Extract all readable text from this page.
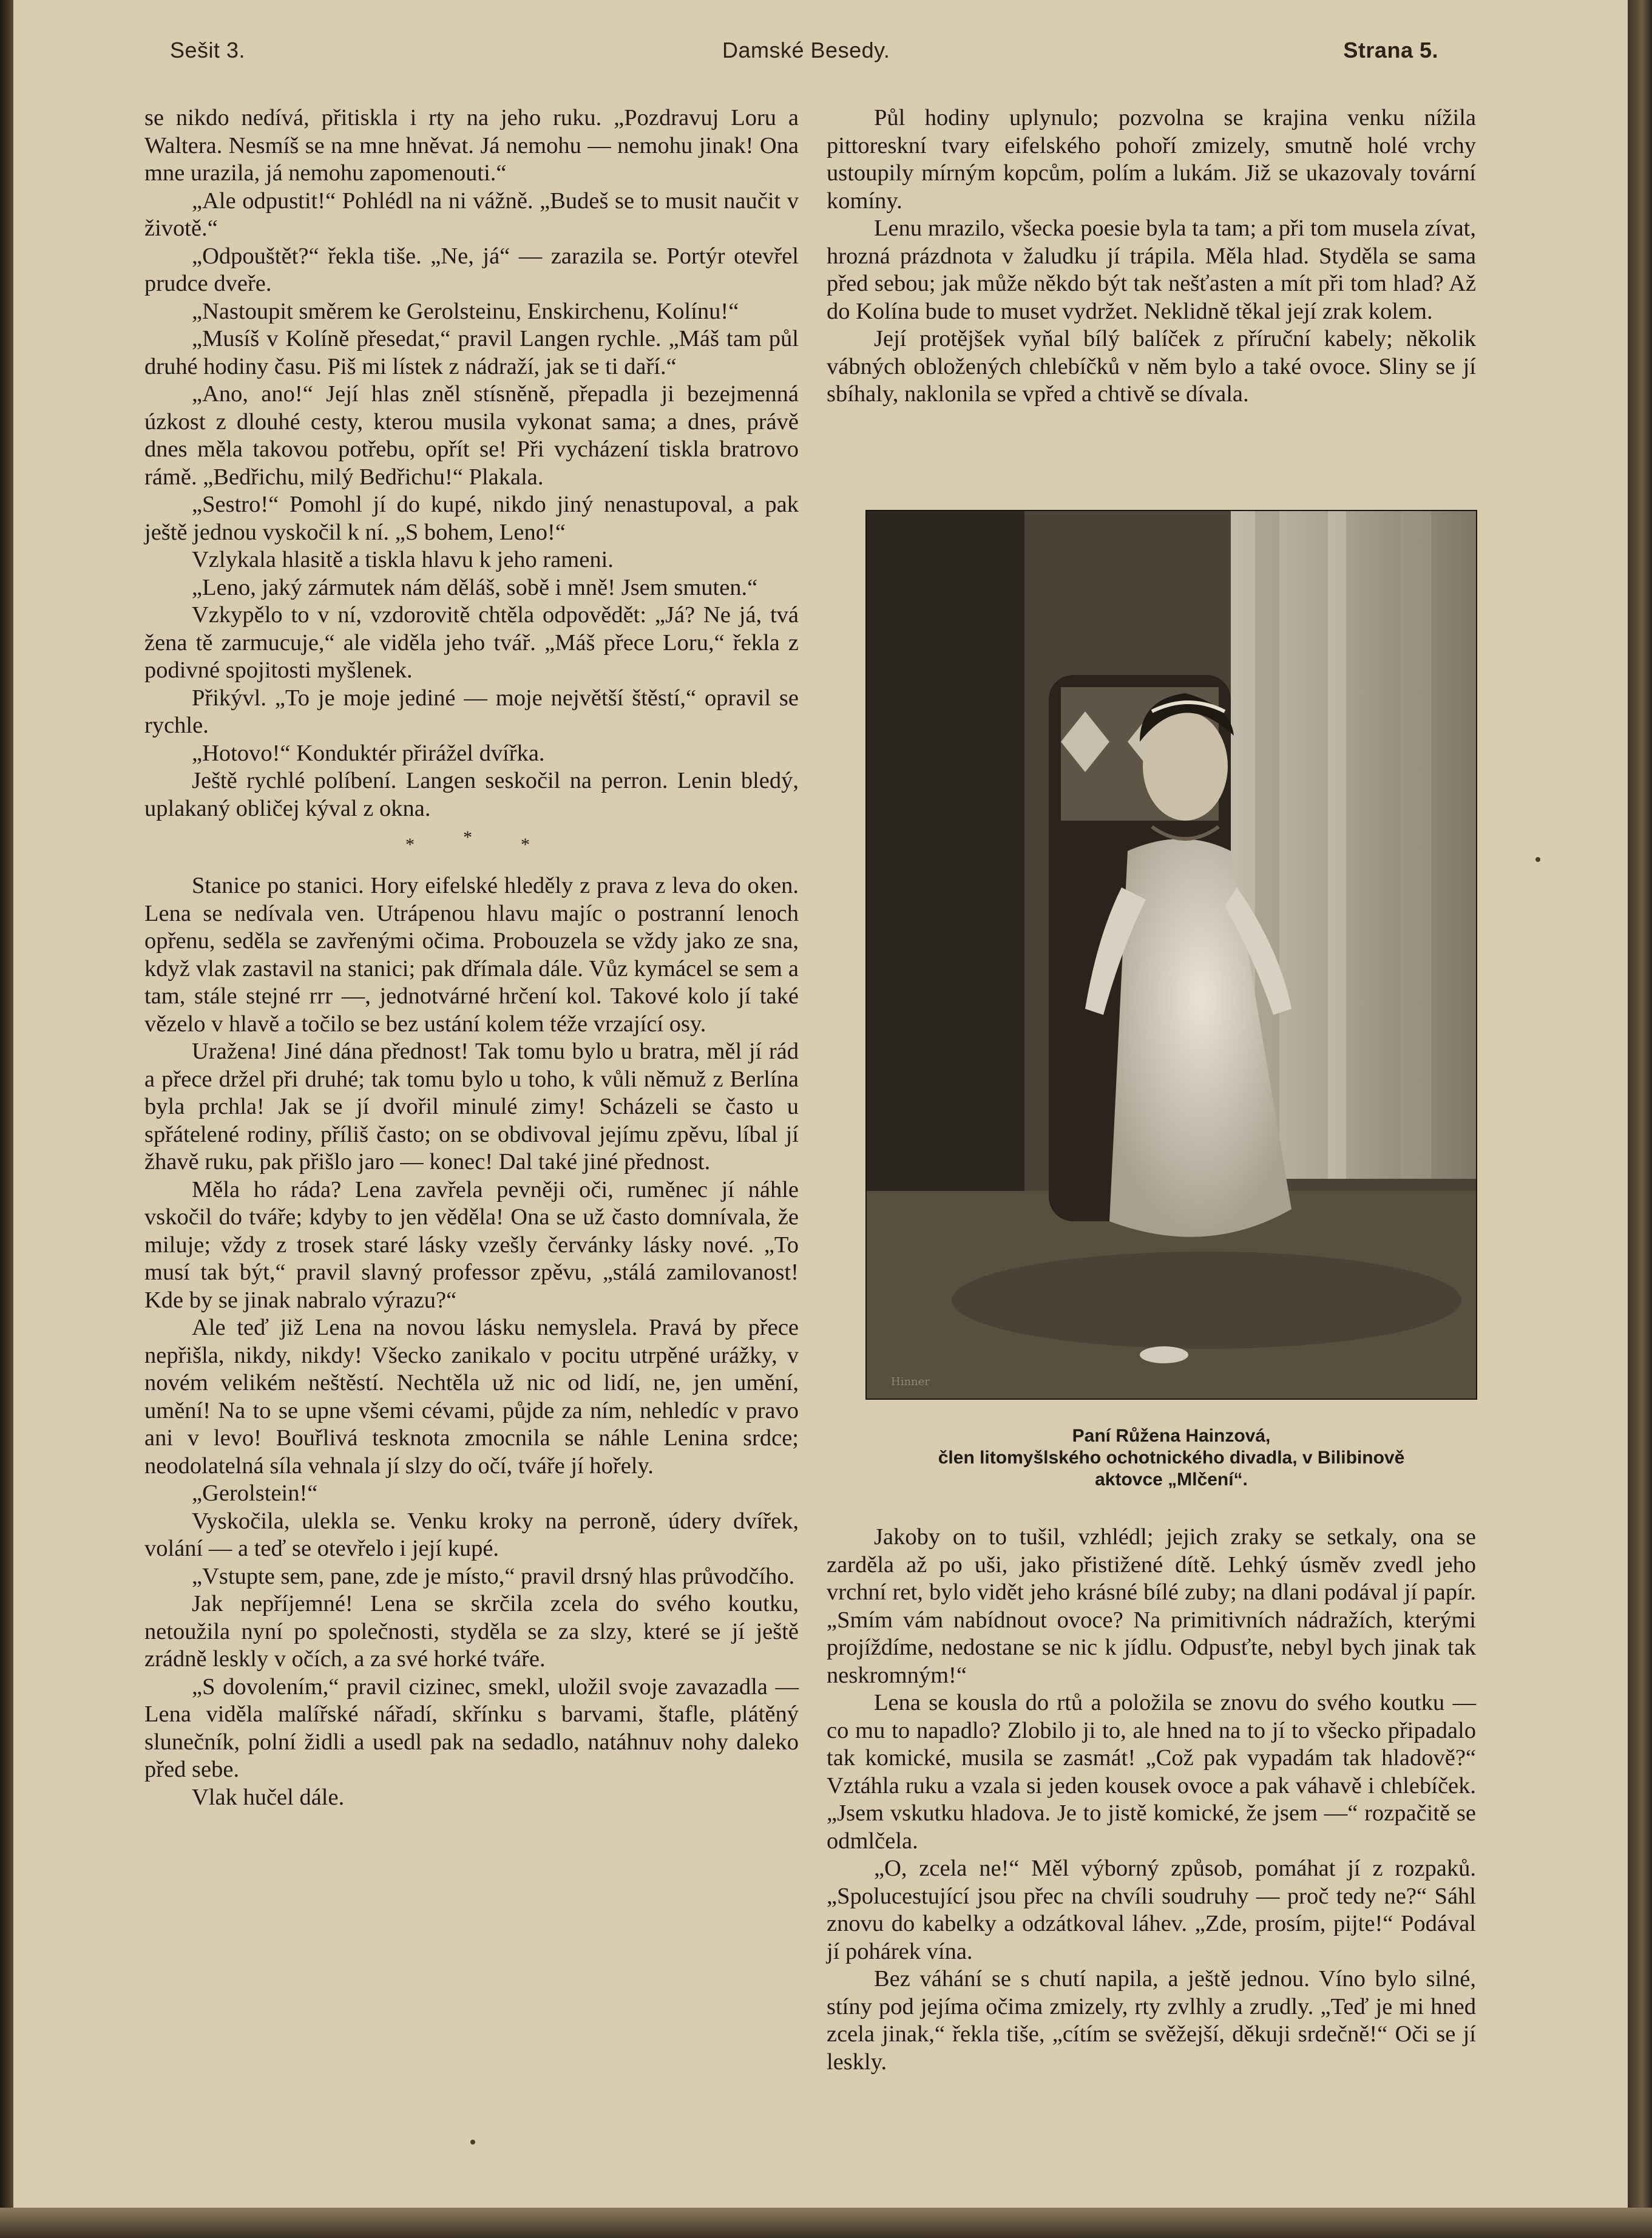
Sešit 3.	Damské Besedy.	Strana 5.

se nikdo nedívá, přitiskla i rty na jeho ruku. „Pozdravuj Loru a Waltera. Nesmíš se na mne hněvat. Já nemohu — nemohu jinak! Ona mne urazila, já nemohu zapomenouti.“

„Ale odpustit!“ Pohlédl na ni vážně. „Budeš se to musit naučit v životě.“

„Odpouštět?“ řekla tiše. „Ne, já“ — zarazila se. Portýr otevřel prudce dveře.

„Nastoupit směrem ke Gerolsteinu, Enskirchenu, Kolínu!“

„Musíš v Kolíně přesedat,“ pravil Langen rychle. „Máš tam půl druhé hodiny času. Piš mi lístek z nádraží, jak se ti daří.“

„Ano, ano!“ Její hlas zněl stísněně, přepadla ji bezejmenná úzkost z dlouhé cesty, kterou musila vykonat sama; a dnes, právě dnes měla takovou potřebu, opřít se! Při vycházení tiskla bratrovo rámě. „Bedřichu, milý Bedřichu!“ Plakala.

„Sestro!“ Pomohl jí do kupé, nikdo jiný nenastupoval, a pak ještě jednou vyskočil k ní. „S bohem, Leno!“

Vzlykala hlasitě a tiskla hlavu k jeho rameni.

„Leno, jaký zármutek nám děláš, sobě i mně! Jsem smuten.“

Vzkypělo to v ní, vzdorovitě chtěla odpovědět: „Já? Ne já, tvá žena tě zarmucuje,“ ale viděla jeho tvář. „Máš přece Loru,“ řekla z podivné spojitosti myšlenek.

Přikývl. „To je moje jediné — moje největší štěstí,“ opravil se rychle.

„Hotovo!“ Konduktér přirážel dvířka.

Ještě rychlé políbení. Langen seskočil na perron. Lenin bledý, uplakaný obličej kýval z okna.

*	*	*

Stanice po stanici. Hory eifelské hleděly z prava z leva do oken. Lena se nedívala ven. Utrápenou hlavu majíc o postranní lenoch opřenu, seděla se zavřenými očima. Probouzela se vždy jako ze sna, když vlak zastavil na stanici; pak dřímala dále. Vůz kymácel se sem a tam, stále stejné rrr —, jednotvárné hrčení kol. Takové kolo jí také vězelo v hlavě a točilo se bez ustání kolem téže vrzající osy.

Uražena! Jiné dána přednost! Tak tomu bylo u bratra, měl jí rád a přece držel při druhé; tak tomu bylo u toho, k vůli němuž z Berlína byla prchla! Jak se jí dvořil minulé zimy! Scházeli se často u spřátelené rodiny, příliš často; on se obdivoval jejímu zpěvu, líbal jí žhavě ruku, pak přišlo jaro — konec! Dal také jiné přednost.

Měla ho ráda? Lena zavřela pevněji oči, ruměnec jí náhle vskočil do tváře; kdyby to jen věděla! Ona se už často domnívala, že miluje; vždy z trosek staré lásky vzešly červánky lásky nové. „To musí tak být,“ pravil slavný professor zpěvu, „stálá zamilovanost! Kde by se jinak nabralo výrazu?“

Ale teď již Lena na novou lásku nemyslela. Pravá by přece nepřišla, nikdy, nikdy! Všecko zanikalo v pocitu utrpěné urážky, v novém velikém neštěstí. Nechtěla už nic od lidí, ne, jen umění, umění! Na to se upne všemi cévami, půjde za ním, nehledíc v pravo ani v levo! Bouřlivá tesknota zmocnila se náhle Lenina srdce; neodolatelná síla vehnala jí slzy do očí, tváře jí hořely.

„Gerolstein!“

Vyskočila, ulekla se. Venku kroky na perroně, údery dvířek, volání — a teď se otevřelo i její kupé.

„Vstupte sem, pane, zde je místo,“ pravil drsný hlas průvodčího.

Jak nepříjemné! Lena se skrčila zcela do svého koutku, netoužila nyní po společnosti, styděla se za slzy, které se jí ještě zrádně leskly v očích, a za své horké tváře.

„S dovolením,“ pravil cizinec, smekl, uložil svoje zavazadla — Lena viděla malířské nářadí, skřínku s barvami, štafle, plátěný slunečník, polní židli a usedl pak na sedadlo, natáhnuv nohy daleko před sebe.

Vlak hučel dále.

Půl hodiny uplynulo; pozvolna se krajina venku nížila pittoreskní tvary eifelského pohoří zmizely, smutně holé vrchy ustoupily mírným kopcům, polím a lukám. Již se ukazovaly tovární komíny.

Lenu mrazilo, všecka poesie byla ta tam; a při tom musela zívat, hrozná prázdnota v žaludku jí trápila. Měla hlad. Styděla se sama před sebou; jak může někdo být tak nešťasten a mít při tom hlad? Až do Kolína bude to muset vydržet. Neklidně těkal její zrak kolem.

Její protějšek vyňal bílý balíček z příruční kabely; několik vábných obložených chlebíčků v něm bylo a také ovoce. Sliny se jí sbíhaly, naklonila se vpřed a chtivě se dívala.

Hinner
Paní Růžena Hainzová,
člen litomyšlského ochotnického divadla, v Bilibinově
aktovce „Mlčení“.

Jakoby on to tušil, vzhlédl; jejich zraky se setkaly, ona se zarděla až po uši, jako přistižené dítě. Lehký úsměv zvedl jeho vrchní ret, bylo vidět jeho krásné bílé zuby; na dlani podával jí papír. „Smím vám nabídnout ovoce? Na primitivních nádražích, kterými projíždíme, nedostane se nic k jídlu. Odpusťte, nebyl bych jinak tak neskromným!“

Lena se kousla do rtů a položila se znovu do svého koutku — co mu to napadlo? Zlobilo ji to, ale hned na to jí to všecko připadalo tak komické, musila se zasmát! „Což pak vypadám tak hladově?“ Vztáhla ruku a vzala si jeden kousek ovoce a pak váhavě i chlebíček. „Jsem vskutku hladova. Je to jistě komické, že jsem —“ rozpačitě se odmlčela.

„O, zcela ne!“ Měl výborný způsob, pomáhat jí z rozpaků. „Spolucestující jsou přec na chvíli soudruhy — proč tedy ne?“ Sáhl znovu do kabelky a odzátkoval láhev. „Zde, prosím, pijte!“ Podával jí pohárek vína.

Bez váhání se s chutí napila, a ještě jednou. Víno bylo silné, stíny pod jejíma očima zmizely, rty zvlhly a zrudly. „Teď je mi hned zcela jinak,“ řekla tiše, „cítím se svěžejší, děkuji srdečně!“ Oči se jí leskly.
